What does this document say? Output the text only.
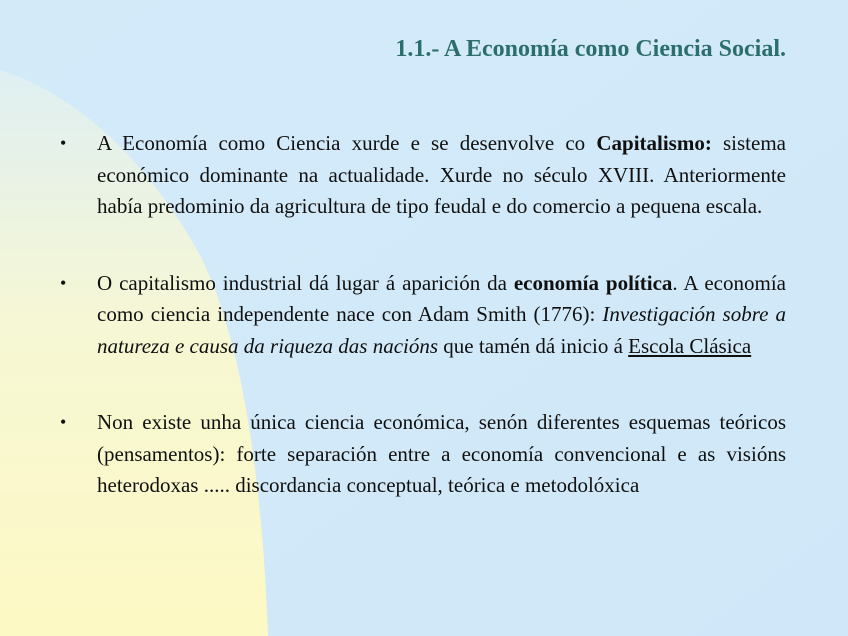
1.1.- A Economía como Ciencia Social.
• A Economía como Ciencia xurde e se desenvolve co Capitalismo: sistema económico dominante na actualidade. Xurde no século XVIII. Anteriormente había predominio da agricultura de tipo feudal e do comercio a pequena escala.
• O capitalismo industrial dá lugar á aparición da economía política. A economía como ciencia independente nace con Adam Smith (1776): Investigación sobre a natureza e causa da riqueza das nacións que tamén dá inicio á Escola Clásica
• Non existe unha única ciencia económica, senón diferentes esquemas teóricos (pensamentos): forte separación entre a economía convencional e as visións heterodoxas ..... discordancia conceptual, teórica e metodolóxica
